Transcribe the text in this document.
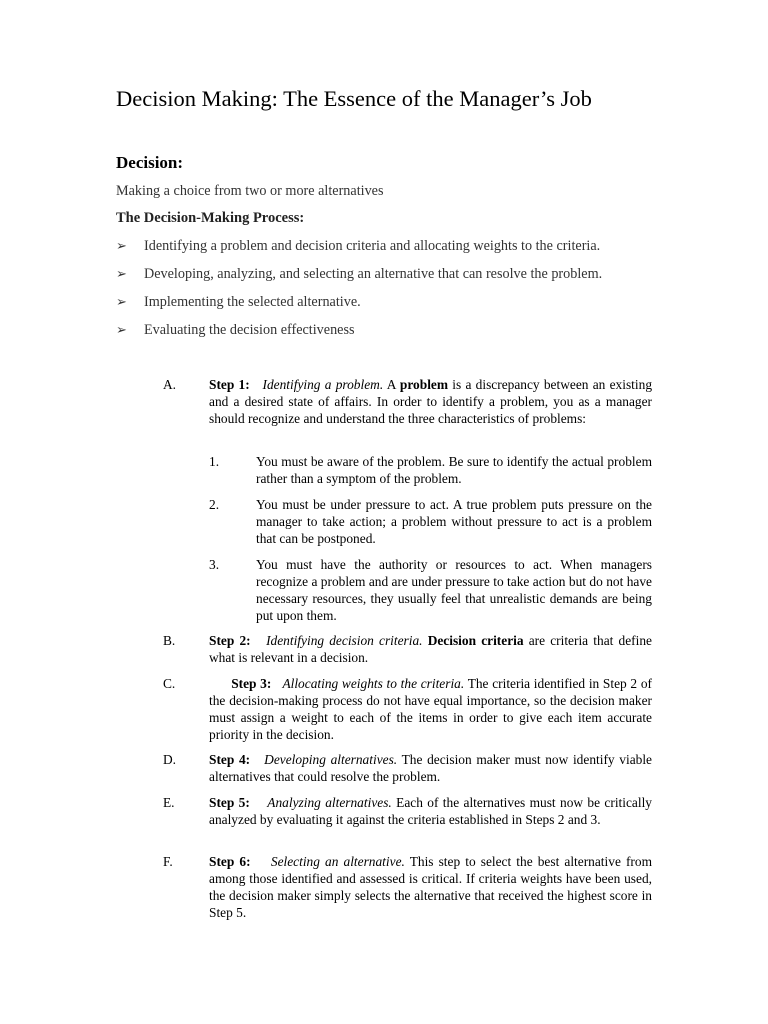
Decision Making: The Essence of the Manager’s Job
Decision:

Making a choice from two or more alternatives

The Decision-Making Process:
➢ Identifying a problem and decision criteria and allocating weights to the criteria.
➢ Developing, analyzing, and selecting an alternative that can resolve the problem.
➢ Implementing the selected alternative.
➢ Evaluating the decision effectiveness
A. Step 1: Identifying a problem. A problem is a discrepancy between an existing and a desired state of affairs. In order to identify a problem, you as a manager should recognize and understand the three characteristics of problems:
1.	You must be aware of the problem. Be sure to identify the actual problem rather than a symptom of the problem.
2.	You must be under pressure to act. A true problem puts pressure on the manager to take action; a problem without pressure to act is a problem that can be postponed.
3.	You must have the authority or resources to act. When managers recognize a problem and are under pressure to take action but do not have necessary resources, they usually feel that unrealistic demands are being put upon them.
B.	Step 2: Identifying decision criteria. Decision criteria are criteria that define what is relevant in a decision.
C.	Step 3: Allocating weights to the criteria. The criteria identified in Step 2 of the decision-making process do not have equal importance, so the decision maker must assign a weight to each of the items in order to give each item accurate priority in the decision.
D. Step 4: Developing alternatives. The decision maker must now identify viable alternatives that could resolve the problem.
E.	Step 5: Analyzing alternatives. Each of the alternatives must now be critically analyzed by evaluating it against the criteria established in Steps 2 and 3.
F.	Step 6: Selecting an alternative. This step to select the best alternative from among those identified and assessed is critical. If criteria weights have been used, the decision maker simply selects the alternative that received the highest score in Step 5.
